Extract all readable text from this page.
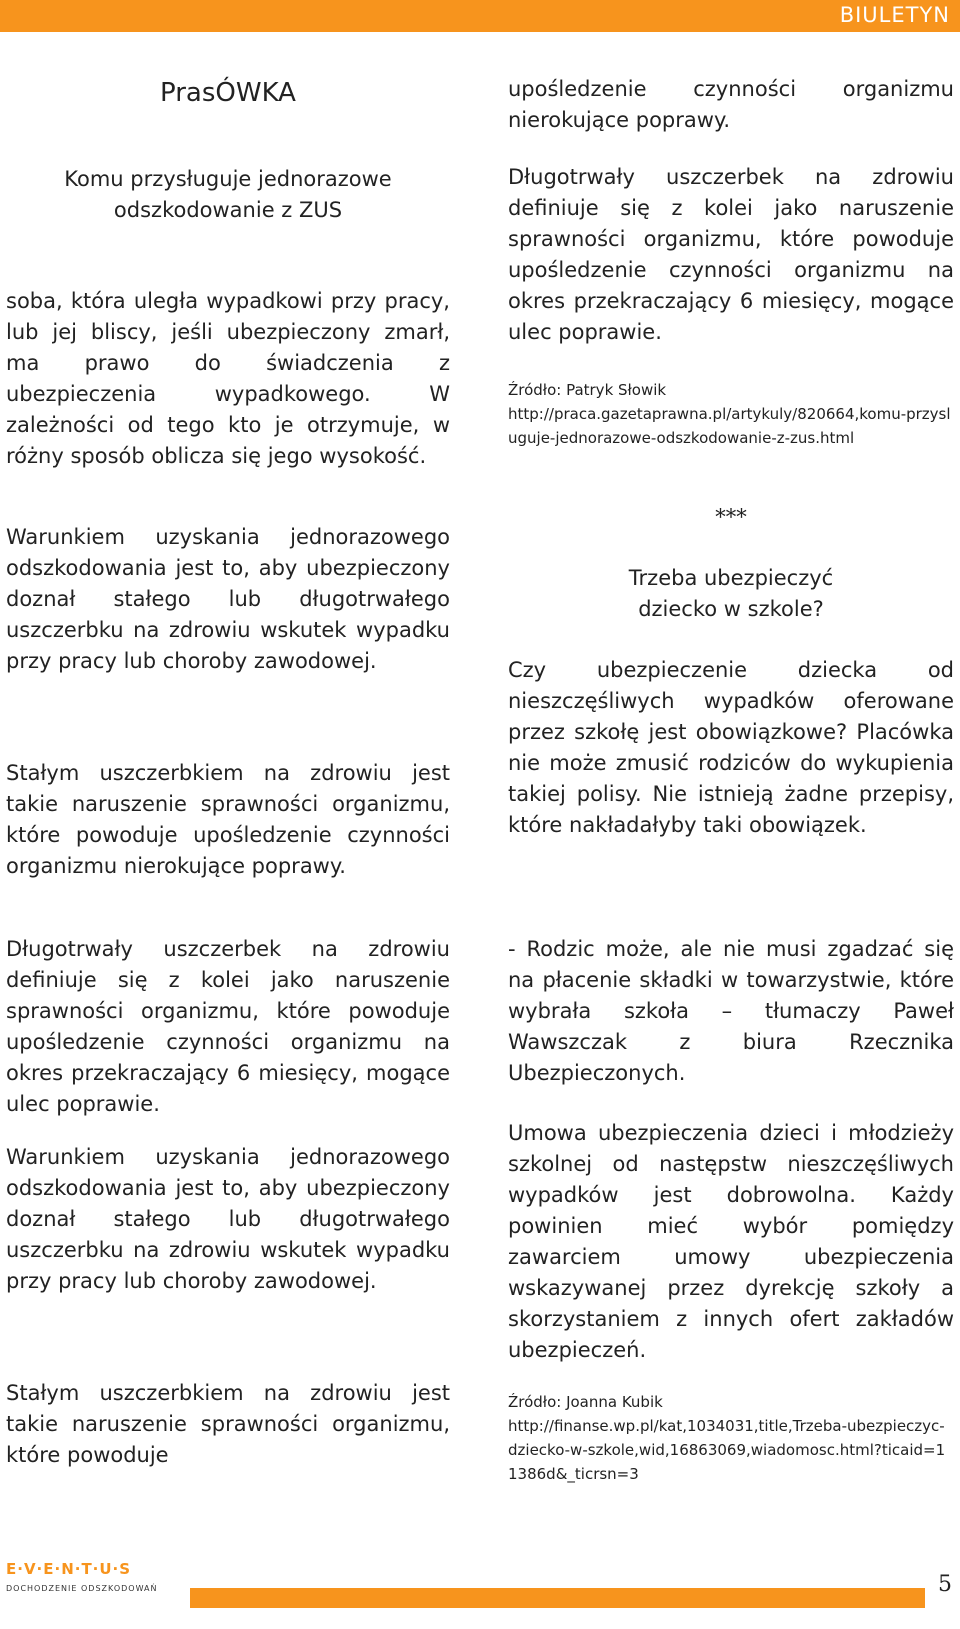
BIULETYN
PrasÓWKA
Komu przysługuje jednorazowe
odszkodowanie z ZUS

soba, która uległa wypadkowi przy pracy, lub jej bliscy, jeśli ubezpieczony zmarł, ma prawo do świadczenia z ubezpieczenia wypadkowego. W zależności od tego kto je otrzymuje, w różny sposób oblicza się jego wysokość.

Warunkiem uzyskania jednorazowego odszkodowania jest to, aby ubezpieczony doznał stałego lub długotrwałego uszczerbku na zdrowiu wskutek wypadku przy pracy lub choroby zawodowej.

Stałym uszczerbkiem na zdrowiu jest takie naruszenie sprawności organizmu, które powoduje upośledzenie czynności organizmu nierokujące poprawy.

Długotrwały uszczerbek na zdrowiu definiuje się z kolei jako naruszenie sprawności organizmu, które powoduje upośledzenie czynności organizmu na okres przekraczający 6 miesięcy, mogące ulec poprawie.

Warunkiem uzyskania jednorazowego odszkodowania jest to, aby ubezpieczony doznał stałego lub długotrwałego uszczerbku na zdrowiu wskutek wypadku przy pracy lub choroby zawodowej.

Stałym uszczerbkiem na zdrowiu jest takie naruszenie sprawności organizmu, które powoduje

upośledzenie czynności organizmu nierokujące poprawy.

Długotrwały uszczerbek na zdrowiu definiuje się z kolei jako naruszenie sprawności organizmu, które powoduje upośledzenie czynności organizmu na okres przekraczający 6 miesięcy, mogące ulec poprawie.

Źródło: Patryk Słowik
http://praca.gazetaprawna.pl/artykuly/820664,komu-przysluguje-jednorazowe-odszkodowanie-z-zus.html
***
Trzeba ubezpieczyć
dziecko w szkole?

Czy ubezpieczenie dziecka od nieszczęśliwych wypadków oferowane przez szkołę jest obowiązkowe? Placówka nie może zmusić rodziców do wykupienia takiej polisy. Nie istnieją żadne przepisy, które nakładałyby taki obowiązek.

- Rodzic może, ale nie musi zgadzać się na płacenie składki w towarzystwie, które wybrała szkoła – tłumaczy Paweł Wawszczak z biura Rzecznika Ubezpieczonych.

Umowa ubezpieczenia dzieci i młodzieży szkolnej od następstw nieszczęśliwych wypadków jest dobrowolna. Każdy powinien mieć wybór pomiędzy zawarciem umowy ubezpieczenia wskazywanej przez dyrekcję szkoły a skorzystaniem z innych ofert zakładów ubezpieczeń.

Źródło: Joanna Kubik
http://finanse.wp.pl/kat,1034031,title,Trzeba-ubezpieczyc-dziecko-w-szkole,wid,16863069,wiadomosc.html?ticaid=11386d&_ticrsn=3
E·V·E·N·T·U·S
DOCHODZENIE ODSZKODOWAŃ	5
